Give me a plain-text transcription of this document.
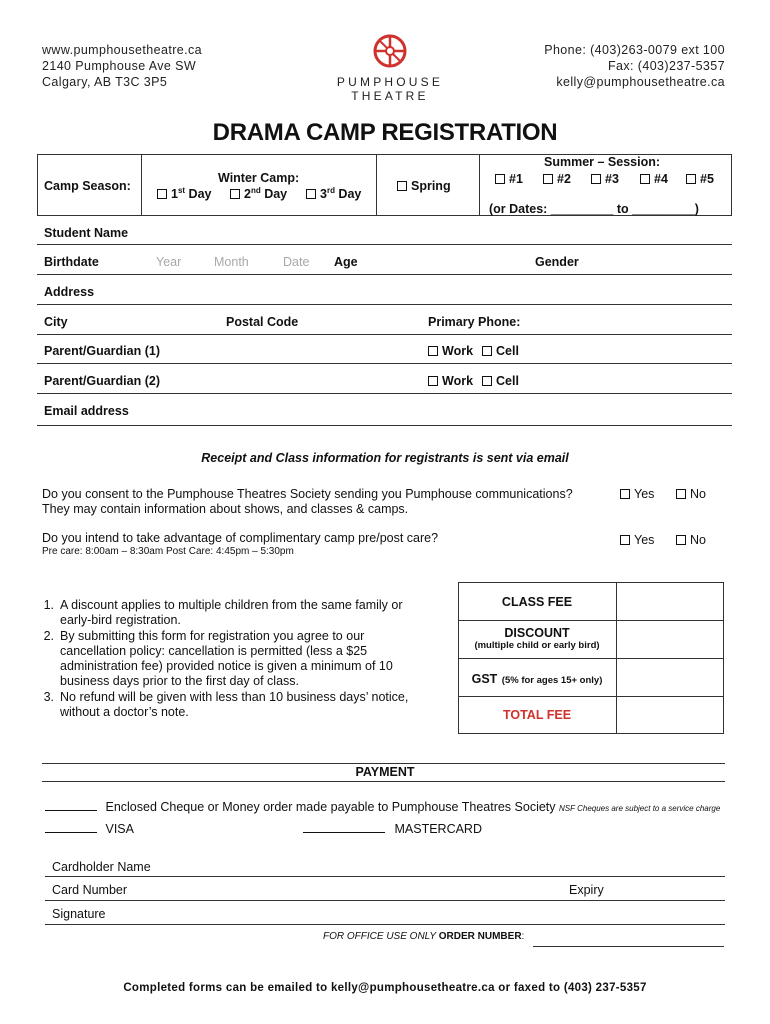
www.pumphousetheatre.ca
2140 Pumphouse Ave SW
Calgary, AB T3C 3P5	PUMPHOUSE THEATRE
Phone: (403)263-0079 ext 100
Fax: (403)237-5357
kelly@pumphousetheatre.ca
DRAMA CAMP REGISTRATION
Camp Season:
Winter Camp:
1st Day	2nd Day	3rd Day
Spring
Summer – Session:
#1	#2	#3	#4	#5
(or Dates: _________ to _________)
Student Name
Birthdate	Year	Month	Date Age	Gender
Address
City	Postal Code	Primary Phone:
Parent/Guardian (1)	Work	Cell
Parent/Guardian (2)	Work	Cell
Email address
Receipt and Class information for registrants is sent via email
Do you consent to the Pumphouse Theatres Society sending you Pumphouse communications?
They may contain information about shows, and classes & camps.
Yes	No
Do you intend to take advantage of complimentary camp pre/post care?
Pre care: 8:00am – 8:30am Post Care: 4:45pm – 5:30pm
Yes	No
1. A discount applies to multiple children from the same family or early-bird registration.
2. By submitting this form for registration you agree to our cancellation policy: cancellation is permitted (less a $25 administration fee) provided notice is given a minimum of 10 business days prior to the first day of class.
3. No refund will be given with less than 10 business days’ notice, without a doctor’s note.
CLASS FEE
DISCOUNT
(multiple child or early bird)
GST (5% for ages 15+ only)
TOTAL FEE
PAYMENT
Enclosed Cheque or Money order made payable to Pumphouse Theatres Society NSF Cheques are subject to a service charge
VISA	MASTERCARD
Cardholder Name
Card Number	Expiry
Signature
FOR OFFICE USE ONLY ORDER NUMBER:
Completed forms can be emailed to kelly@pumphousetheatre.ca or faxed to (403) 237-5357
